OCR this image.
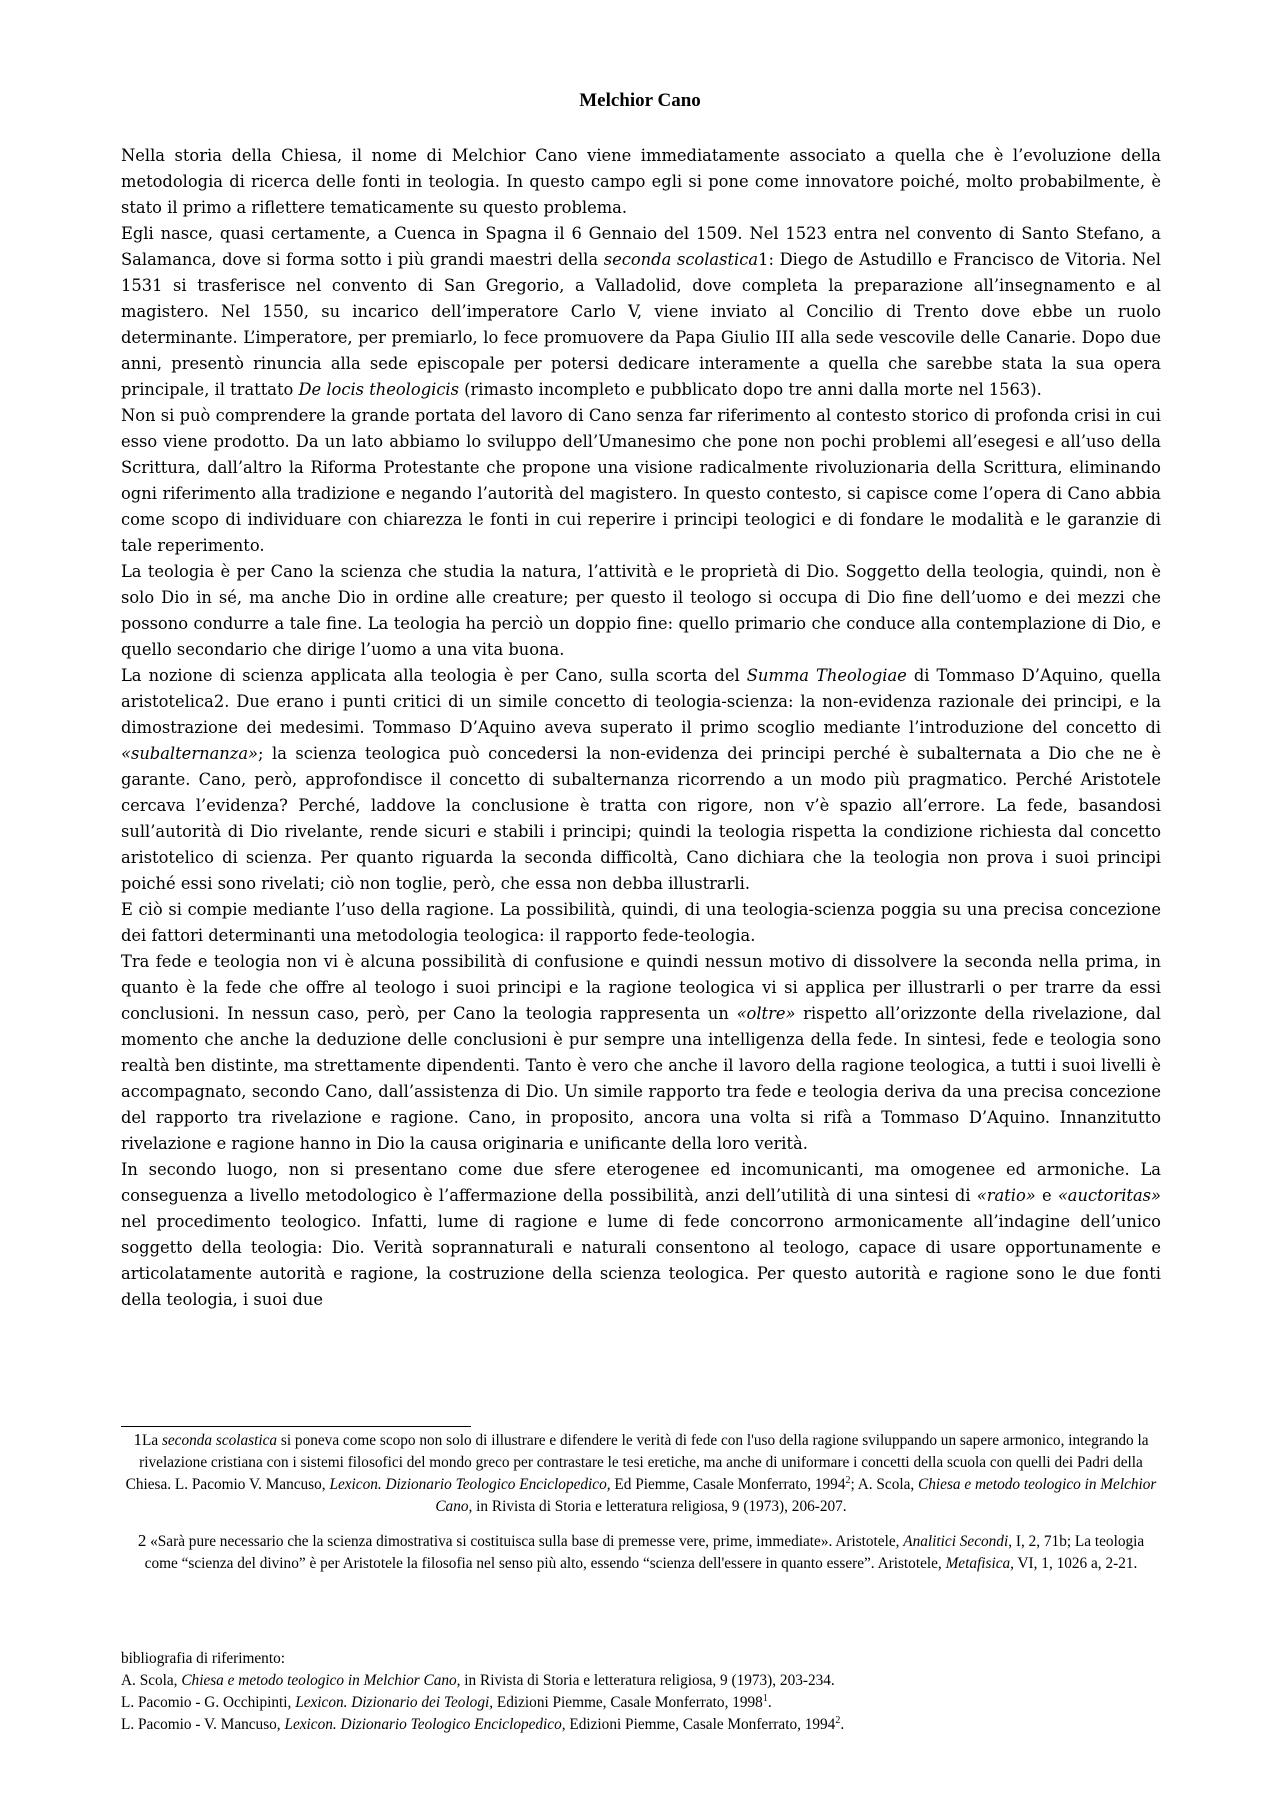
Melchior Cano

Nella storia della Chiesa, il nome di Melchior Cano viene immediatamente associato a quella che è l’evoluzione della metodologia di ricerca delle fonti in teologia. In questo campo egli si pone come innovatore poiché, molto probabilmente, è stato il primo a riflettere tematicamente su questo problema.

Egli nasce, quasi certamente, a Cuenca in Spagna il 6 Gennaio del 1509. Nel 1523 entra nel convento di Santo Stefano, a Salamanca, dove si forma sotto i più grandi maestri della seconda scolastica1: Diego de Astudillo e Francisco de Vitoria. Nel 1531 si trasferisce nel convento di San Gregorio, a Valladolid, dove completa la preparazione all’insegnamento e al magistero. Nel 1550, su incarico dell’imperatore Carlo V, viene inviato al Concilio di Trento dove ebbe un ruolo determinante. L’imperatore, per premiarlo, lo fece promuovere da Papa Giulio III alla sede vescovile delle Canarie. Dopo due anni, presentò rinuncia alla sede episcopale per potersi dedicare interamente a quella che sarebbe stata la sua opera principale, il trattato De locis theologicis (rimasto incompleto e pubblicato dopo tre anni dalla morte nel 1563).

Non si può comprendere la grande portata del lavoro di Cano senza far riferimento al contesto storico di profonda crisi in cui esso viene prodotto. Da un lato abbiamo lo sviluppo dell’Umanesimo che pone non pochi problemi all’esegesi e all’uso della Scrittura, dall’altro la Riforma Protestante che propone una visione radicalmente rivoluzionaria della Scrittura, eliminando ogni riferimento alla tradizione e negando l’autorità del magistero. In questo contesto, si capisce come l’opera di Cano abbia come scopo di individuare con chiarezza le fonti in cui reperire i principi teologici e di fondare le modalità e le garanzie di tale reperimento.

La teologia è per Cano la scienza che studia la natura, l’attività e le proprietà di Dio. Soggetto della teologia, quindi, non è solo Dio in sé, ma anche Dio in ordine alle creature; per questo il teologo si occupa di Dio fine dell’uomo e dei mezzi che possono condurre a tale fine. La teologia ha perciò un doppio fine: quello primario che conduce alla contemplazione di Dio, e quello secondario che dirige l’uomo a una vita buona.

La nozione di scienza applicata alla teologia è per Cano, sulla scorta del Summa Theologiae di Tommaso D’Aquino, quella aristotelica2. Due erano i punti critici di un simile concetto di teologia-scienza: la non-evidenza razionale dei principi, e la dimostrazione dei medesimi. Tommaso D’Aquino aveva superato il primo scoglio mediante l’introduzione del concetto di «subalternanza»; la scienza teologica può concedersi la non-evidenza dei principi perché è subalternata a Dio che ne è garante. Cano, però, approfondisce il concetto di subalternanza ricorrendo a un modo più pragmatico. Perché Aristotele cercava l’evidenza? Perché, laddove la conclusione è tratta con rigore, non v’è spazio all’errore. La fede, basandosi sull’autorità di Dio rivelante, rende sicuri e stabili i principi; quindi la teologia rispetta la condizione richiesta dal concetto aristotelico di scienza. Per quanto riguarda la seconda difficoltà, Cano dichiara che la teologia non prova i suoi principi poiché essi sono rivelati; ciò non toglie, però, che essa non debba illustrarli.

E ciò si compie mediante l’uso della ragione. La possibilità, quindi, di una teologia-scienza poggia su una precisa concezione dei fattori determinanti una metodologia teologica: il rapporto fede-teologia.

Tra fede e teologia non vi è alcuna possibilità di confusione e quindi nessun motivo di dissolvere la seconda nella prima, in quanto è la fede che offre al teologo i suoi principi e la ragione teologica vi si applica per illustrarli o per trarre da essi conclusioni. In nessun caso, però, per Cano la teologia rappresenta un «oltre» rispetto all’orizzonte della rivelazione, dal momento che anche la deduzione delle conclusioni è pur sempre una intelligenza della fede. In sintesi, fede e teologia sono realtà ben distinte, ma strettamente dipendenti. Tanto è vero che anche il lavoro della ragione teologica, a tutti i suoi livelli è accompagnato, secondo Cano, dall’assistenza di Dio. Un simile rapporto tra fede e teologia deriva da una precisa concezione del rapporto tra rivelazione e ragione. Cano, in proposito, ancora una volta si rifà a Tommaso D’Aquino. Innanzitutto rivelazione e ragione hanno in Dio la causa originaria e unificante della loro verità.

In secondo luogo, non si presentano come due sfere eterogenee ed incomunicanti, ma omogenee ed armoniche. La conseguenza a livello metodologico è l’affermazione della possibilità, anzi dell’utilità di una sintesi di «ratio» e «auctoritas» nel procedimento teologico. Infatti, lume di ragione e lume di fede concorrono armonicamente all’indagine dell’unico soggetto della teologia: Dio. Verità soprannaturali e naturali consentono al teologo, capace di usare opportunamente e articolatamente autorità e ragione, la costruzione della scienza teologica. Per questo autorità e ragione sono le due fonti della teologia, i suoi due

1La seconda scolastica si poneva come scopo non solo di illustrare e difendere le verità di fede con l'uso della ragione sviluppando un sapere armonico, integrando la rivelazione cristiana con i sistemi filosofici del mondo greco per contrastare le tesi eretiche, ma anche di uniformare i concetti della scuola con quelli dei Padri della Chiesa. L. Pacomio V. Mancuso, Lexicon. Dizionario Teologico Enciclopedico, Ed Piemme, Casale Monferrato, 1994$^2$; A. Scola, Chiesa e metodo teologico in Melchior Cano, in Rivista di Storia e letteratura religiosa, 9 (1973), 206-207.

2 «Sarà pure necessario che la scienza dimostrativa si costituisca sulla base di premesse vere, prime, immediate». Aristotele, Analitici Secondi, I, 2, 71b; La teologia come “scienza del divino” è per Aristotele la filosofia nel senso più alto, essendo “scienza dell'essere in quanto essere”. Aristotele, Metafisica, VI, 1, 1026 a, 2-21.

bibliografia di riferimento:

A. Scola, Chiesa e metodo teologico in Melchior Cano, in Rivista di Storia e letteratura religiosa, 9 (1973), 203-234.

L. Pacomio - G. Occhipinti, Lexicon. Dizionario dei Teologi, Edizioni Piemme, Casale Monferrato, 1998$^1$.

L. Pacomio - V. Mancuso, Lexicon. Dizionario Teologico Enciclopedico, Edizioni Piemme, Casale Monferrato, 1994$^2$.
